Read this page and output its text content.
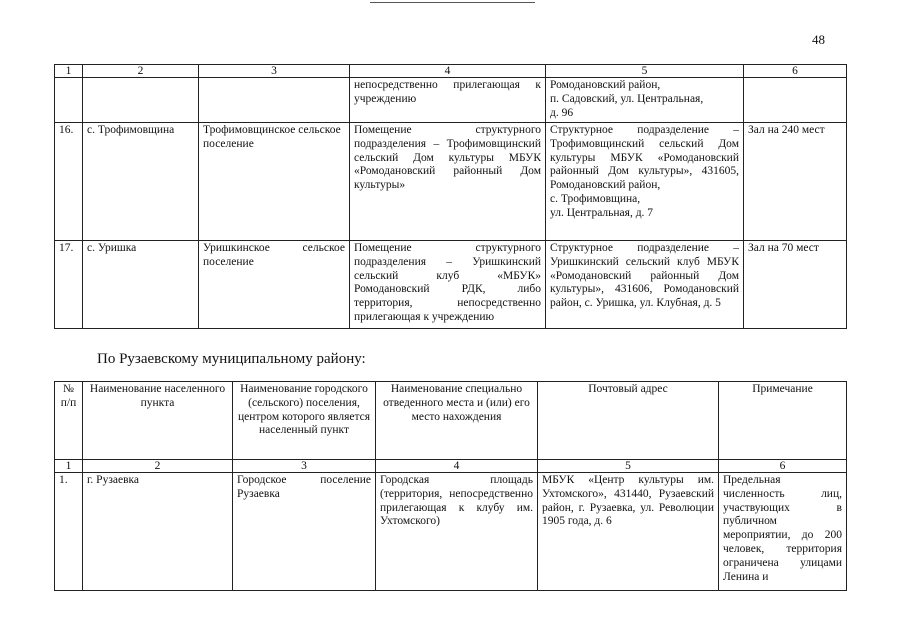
48
1	2	3	4	5	6
			непосредственно прилегающая к учреждению	Ромодановский район,
п. Садовский, ул. Центральная,
д. 96	
16.	с. Трофимовщина	Трофимовщинское сельское поселение	Помещение структурного подразделения – Трофимовщинский сельский Дом культуры МБУК «Ромодановский районный Дом культуры»	Структурное подразделение – Трофимовщинский сельский Дом культуры МБУК «Ромодановский районный Дом культуры», 431605, Ромодановский район,
с. Трофимовщина,
ул. Центральная, д. 7	Зал на 240 мест
17.	с. Уришка	Уришкинское сельское поселение	Помещение структурного подразделения – Уришкинский сельский клуб «МБУК» Ромодановский РДК, либо территория, непосредственно прилегающая к учреждению	Структурное подразделение – Уришкинский сельский клуб МБУК «Ромодановский районный Дом культуры», 431606, Ромодановский район, с. Уришка, ул. Клубная, д. 5	Зал на 70 мест
По Рузаевскому муниципальному району:
№
п/п	Наименование населенного пункта	Наименование городского (сельского) поселения, центром которого является населенный пункт	Наименование специально отведенного места и (или) его место нахождения	Почтовый адрес	Примечание
1	2	3	4	5	6
1.	г. Рузаевка	Городское поселение Рузаевка	Городская площадь (территория, непосредственно прилегающая к клубу им. Ухтомского)	МБУК «Центр культуры им. Ухтомского», 431440, Рузаевский район, г. Рузаевка, ул. Революции 1905 года, д. 6	Предельная численность лиц, участвующих в публичном мероприятии, до 200 человек, территория ограничена улицами Ленина и
